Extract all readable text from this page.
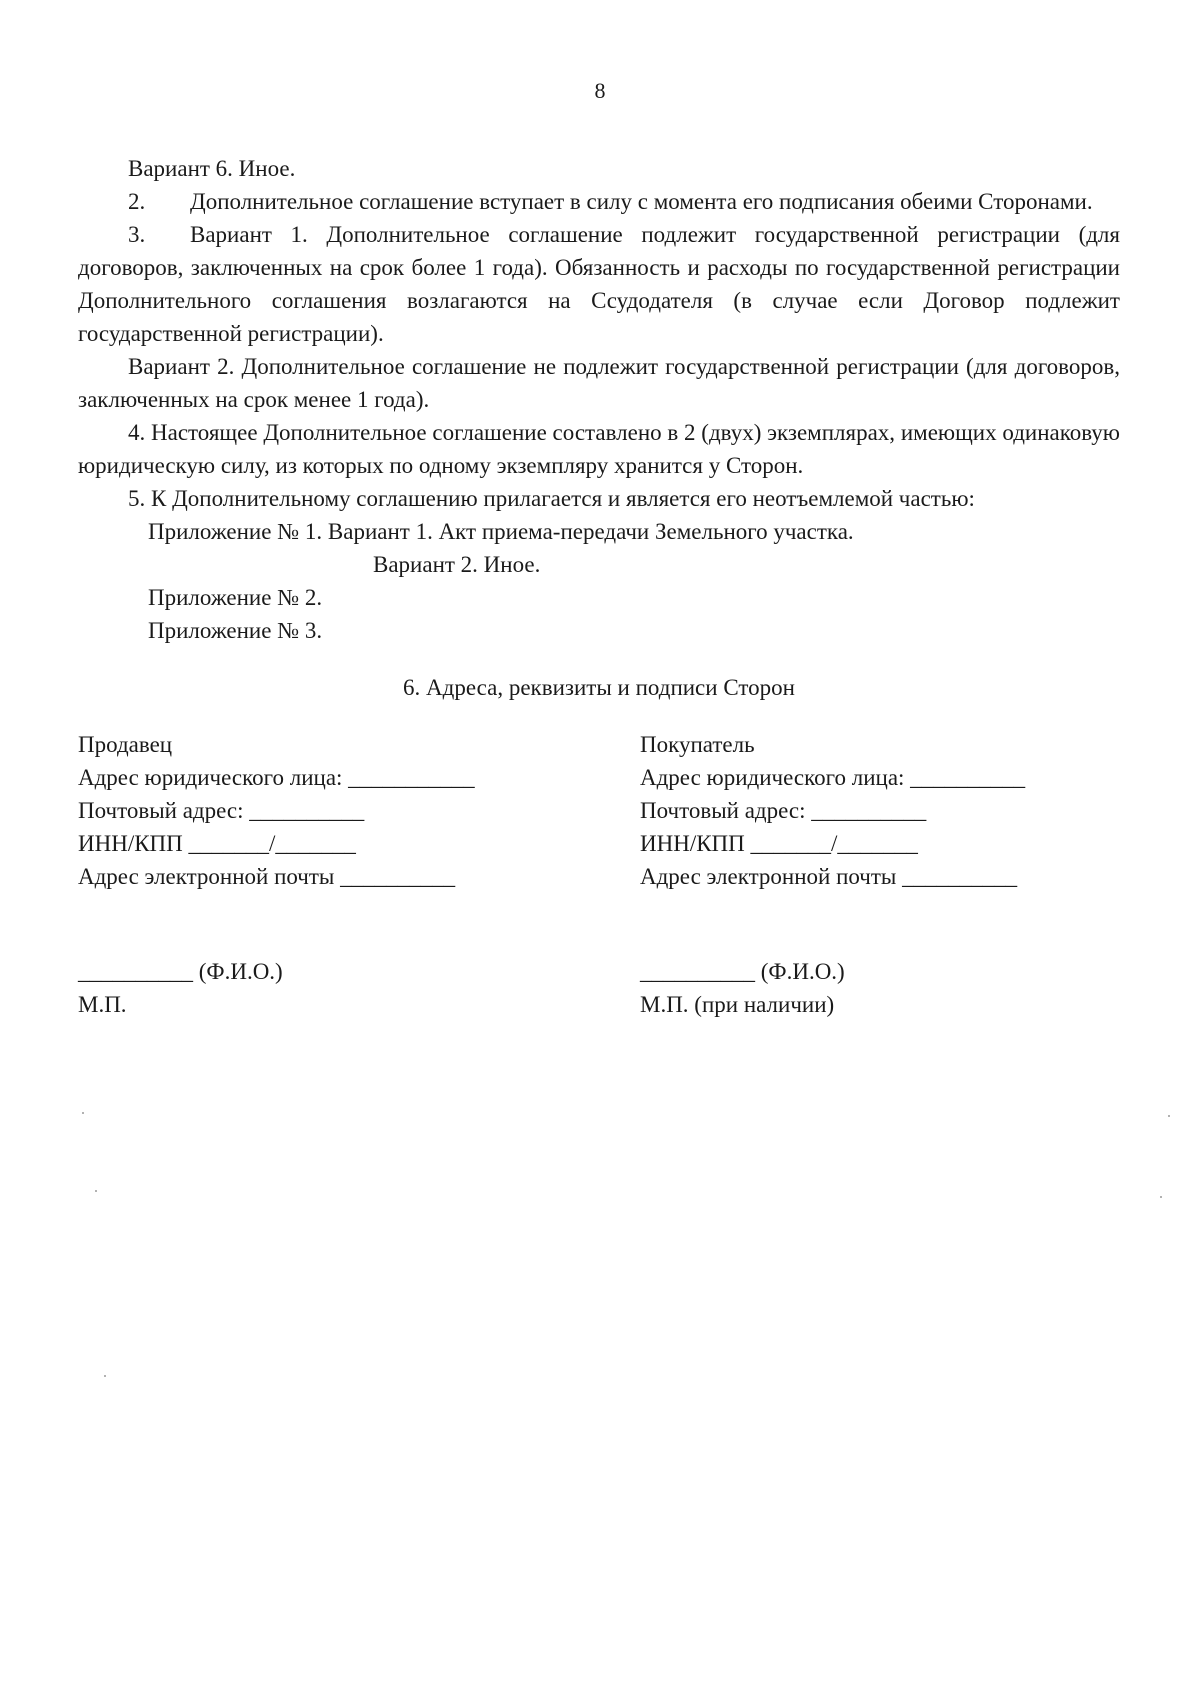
8

Вариант 6. Иное.

2. Дополнительное соглашение вступает в силу с момента его подписания обеими Сторонами.

3. Вариант 1. Дополнительное соглашение подлежит государственной регистрации (для договоров, заключенных на срок более 1 года). Обязанность и расходы по государственной регистрации Дополнительного соглашения возлагаются на Ссудодателя (в случае если Договор подлежит государственной регистрации).

Вариант 2. Дополнительное соглашение не подлежит государственной регистрации (для договоров, заключенных на срок менее 1 года).

4. Настоящее Дополнительное соглашение составлено в 2 (двух) экземплярах, имеющих одинаковую юридическую силу, из которых по одному экземпляру хранится у Сторон.

5. К Дополнительному соглашению прилагается и является его неотъемлемой частью:

Приложение № 1. Вариант 1. Акт приема-передачи Земельного участка.

Вариант 2. Иное.

Приложение № 2.

Приложение № 3.

6. Адреса, реквизиты и подписи Сторон

Продавец

Адрес юридического лица: ___________

Почтовый адрес: __________

ИНН/КПП _______/_______

Адрес электронной почты __________

Покупатель

Адрес юридического лица: __________

Почтовый адрес: __________

ИНН/КПП _______/_______

Адрес электронной почты __________

__________ (Ф.И.О.)

М.П.

__________ (Ф.И.О.)

М.П. (при наличии)
